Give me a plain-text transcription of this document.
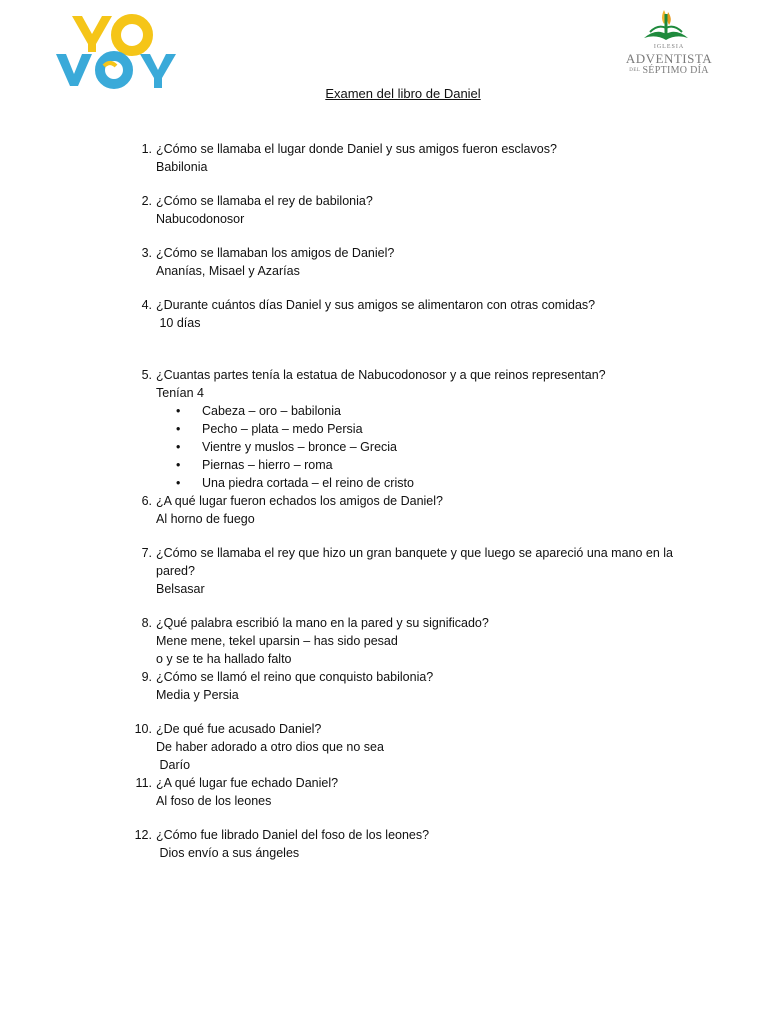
IGLESIA
ADVENTISTA
DEL SÉPTIMO DÍA
Examen del libro de Daniel
1. ¿Cómo se llamaba el lugar donde Daniel y sus amigos fueron esclavos?

Babilonia

2. ¿Cómo se llamaba el rey de babilonia?

Nabucodonosor

3. ¿Cómo se llamaban los amigos de Daniel?

Ananías, Misael y Azarías

4. ¿Durante cuántos días Daniel y sus amigos se alimentaron con otras comidas?

10 días

5. ¿Cuantas partes tenía la estatua de Nabucodonosor y a que reinos representan?

Tenían 4

• Cabeza – oro – babilonia
• Pecho – plata – medo Persia
• Vientre y muslos – bronce – Grecia
• Piernas – hierro – roma
• Una piedra cortada – el reino de cristo
6. ¿A qué lugar fueron echados los amigos de Daniel?

Al horno de fuego

7. ¿Cómo se llamaba el rey que hizo un gran banquete y que luego se apareció una mano en la pared?

Belsasar

8. ¿Qué palabra escribió la mano en la pared y su significado?

Mene mene, tekel uparsin – has sido pesad

o y se te ha hallado falto

9. ¿Cómo se llamó el reino que conquisto babilonia?

Media y Persia

10. ¿De qué fue acusado Daniel?

De haber adorado a otro dios que no sea

Darío

11. ¿A qué lugar fue echado Daniel?

Al foso de los leones

12. ¿Cómo fue librado Daniel del foso de los leones?

Dios envío a sus ángeles
